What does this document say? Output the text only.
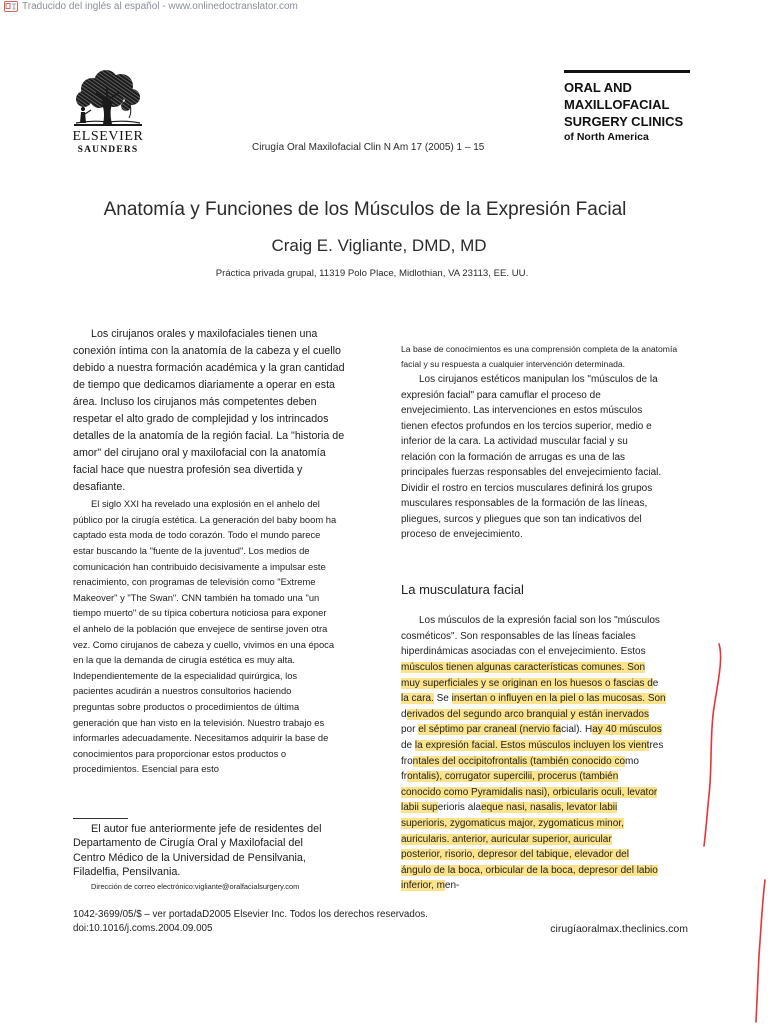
Traducido del inglés al español - www.onlinedoctranslator.com
ELSEVIER
SAUNDERS	Cirugía Oral Maxilofacial Clin N Am 17 (2005) 1 – 15
ORAL AND
MAXILLOFACIAL
SURGERY CLINICS
of North America
Anatomía y Funciones de los Músculos de la Expresión Facial
Craig E. Vigliante, DMD, MD
Práctica privada grupal, 11319 Polo Place, Midlothian, VA 23113, EE. UU.
Los cirujanos orales y maxilofaciales tienen una
conexión íntima con la anatomía de la cabeza y el cuello
debido a nuestra formación académica y la gran cantidad
de tiempo que dedicamos diariamente a operar en esta
área. Incluso los cirujanos más competentes deben
respetar el alto grado de complejidad y los intrincados
detalles de la anatomía de la región facial. La "historia de
amor" del cirujano oral y maxilofacial con la anatomía
facial hace que nuestra profesión sea divertida y
desafiante.
El siglo XXI ha revelado una explosión en el anhelo del
público por la cirugía estética. La generación del baby boom ha
captado esta moda de todo corazón. Todo el mundo parece
estar buscando la "fuente de la juventud". Los medios de
comunicación han contribuido decisivamente a impulsar este
renacimiento, con programas de televisión como "Extreme
Makeover" y "The Swan". CNN también ha tomado una "un
tiempo muerto" de su típica cobertura noticiosa para exponer
el anhelo de la población que envejece de sentirse joven otra
vez. Como cirujanos de cabeza y cuello, vivimos en una época
en la que la demanda de cirugía estética es muy alta.
Independientemente de la especialidad quirúrgica, los
pacientes acudirán a nuestros consultorios haciendo
preguntas sobre productos o procedimientos de última
generación que han visto en la televisión. Nuestro trabajo es
informarles adecuadamente. Necesitamos adquirir la base de
conocimientos para proporcionar estos productos o
procedimientos. Esencial para esto
El autor fue anteriormente jefe de residentes del
Departamento de Cirugía Oral y Maxilofacial del
Centro Médico de la Universidad de Pensilvania,
Filadelfia, Pensilvania.
Dirección de correo electrónico:vigliante@oralfacialsurgery.com
La base de conocimientos es una comprensión completa de la anatomía
facial y su respuesta a cualquier intervención determinada.
Los cirujanos estéticos manipulan los "músculos de la
expresión facial" para camuflar el proceso de
envejecimiento. Las intervenciones en estos músculos
tienen efectos profundos en los tercios superior, medio e
inferior de la cara. La actividad muscular facial y su
relación con la formación de arrugas es una de las
principales fuerzas responsables del envejecimiento facial.
Dividir el rostro en tercios musculares definirá los grupos
musculares responsables de la formación de las líneas,
pliegues, surcos y pliegues que son tan indicativos del
proceso de envejecimiento.
La musculatura facial
Los músculos de la expresión facial son los "músculos
cosméticos". Son responsables de las líneas faciales
hiperdinámicas asociadas con el envejecimiento. Estos
músculos tienen algunas características comunes. Son
muy superficiales y se originan en los huesos o fascias de
la cara. Se insertan o influyen en la piel o las mucosas. Son
derivados del segundo arco branquial y están inervados
por el séptimo par craneal (nervio facial). Hay 40 músculos
de la expresión facial. Estos músculos incluyen los vientres
frontales del occipitofrontalis (también conocido como
frontalis), corrugator supercilii, procerus (también
conocido como Pyramidalis nasi), orbicularis oculi, levator
labii superioris alaeque nasi, nasalis, levator labii
superioris, zygomaticus major, zygomaticus minor,
auricularis. anterior, auricular superior, auricular
posterior, risorio, depresor del tabique, elevador del
ángulo de la boca, orbicular de la boca, depresor del labio
inferior, men-
1042-3699/05/$ – ver portadaD2005 Elsevier Inc. Todos los derechos reservados.
doi:10.1016/j.coms.2004.09.005	cirugíaoralmax.theclinics.com
